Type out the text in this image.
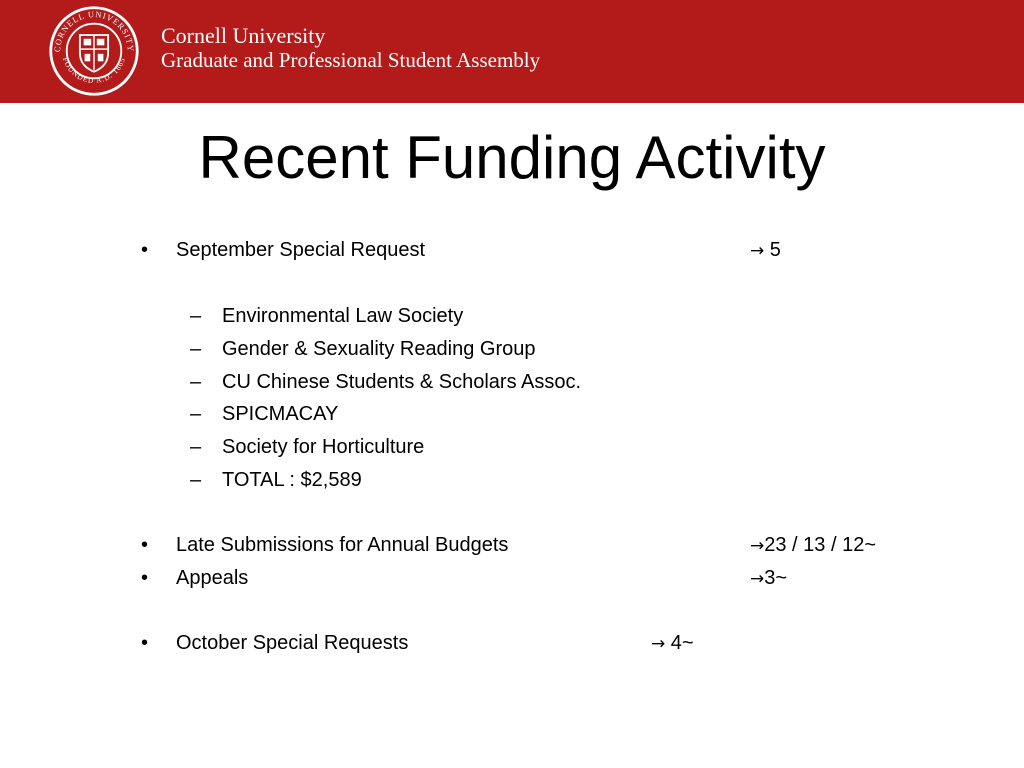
CORNELL UNIVERSITY
FOUNDED A.D. 1865
Cornell University
Graduate and Professional Student Assembly
Recent Funding Activity
• September Special Request	→ 5
– Environmental Law Society
– Gender & Sexuality Reading Group
– CU Chinese Students & Scholars Assoc.
– SPICMACAY
– Society for Horticulture
– TOTAL : $2,589
• Late Submissions for Annual Budgets	→23 / 13 / 12~
• Appeals	→3~
• October Special Requests	→ 4~
